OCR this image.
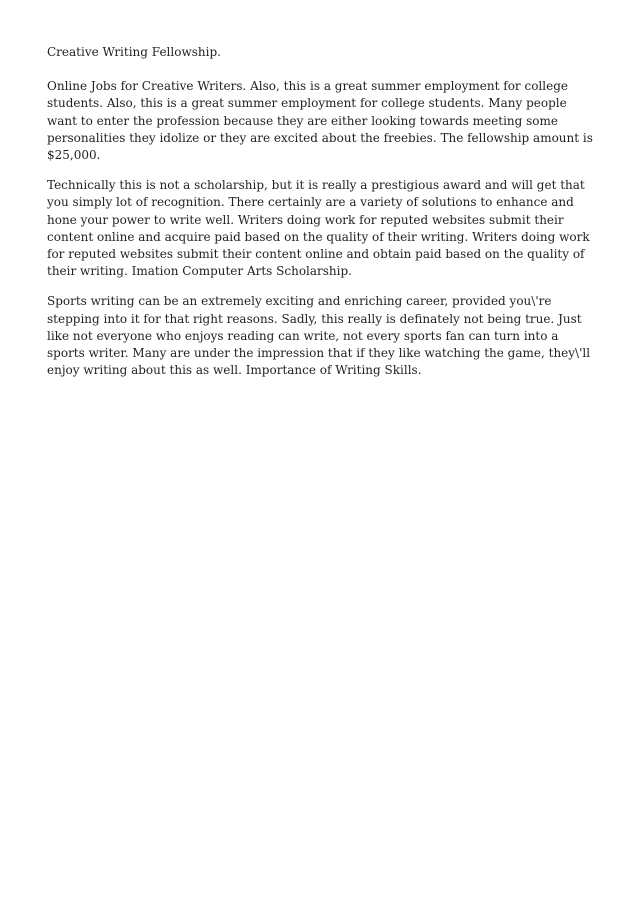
Creative Writing Fellowship.

Online Jobs for Creative Writers. Also, this is a great summer employment for college students. Also, this is a great summer employment for college students. Many people want to enter the profession because they are either looking towards meeting some personalities they idolize or they are excited about the freebies. The fellowship amount is $25,000.

Technically this is not a scholarship, but it is really a prestigious award and will get that you simply lot of recognition. There certainly are a variety of solutions to enhance and hone your power to write well. Writers doing work for reputed websites submit their content online and acquire paid based on the quality of their writing. Writers doing work for reputed websites submit their content online and obtain paid based on the quality of their writing. Imation Computer Arts Scholarship.

Sports writing can be an extremely exciting and enriching career, provided you\'re stepping into it for that right reasons. Sadly, this really is definately not being true. Just like not everyone who enjoys reading can write, not every sports fan can turn into a sports writer. Many are under the impression that if they like watching the game, they\'ll enjoy writing about this as well. Importance of Writing Skills.
